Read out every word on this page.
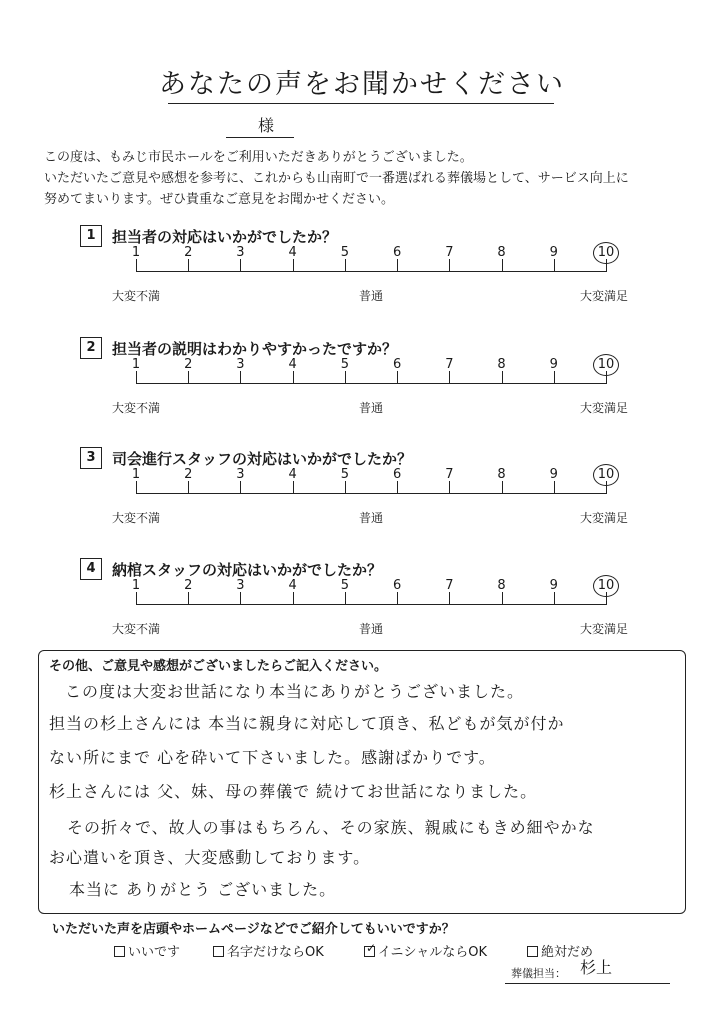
あなたの声をお聞かせください
様
この度は、もみじ市民ホールをご利用いただきありがとうございました。
いただいたご意見や感想を参考に、これからも山南町で一番選ばれる葬儀場として、サービス向上に
努めてまいります。ぜひ貴重なご意見をお聞かせください。
1	担当者の対応はいかがでしたか？
1	2	3	4	5	6	7	8	9	10
大変不満	普通	大変満足
2	担当者の説明はわかりやすかったですか？
1	2	3	4	5	6	7	8	9	10
大変不満	普通	大変満足
3	司会進行スタッフの対応はいかがでしたか？
1	2	3	4	5	6	7	8	9	10
大変不満	普通	大変満足
4	納棺スタッフの対応はいかがでしたか？
1	2	3	4	5	6	7	8	9	10
大変不満	普通	大変満足
その他、ご意見や感想がございましたらご記入ください。
この度は大変お世話になり本当にありがとうございました。
担当の杉上さんには 本当に親身に対応して頂き、私どもが気が付か
ない所にまで 心を砕いて下さいました。感謝ばかりです。
杉上さんには 父、妹、母の葬儀で 続けてお世話になりました。
その折々で、故人の事はもちろん、その家族、親戚にもきめ細やかな
お心遣いを頂き、大変感動しております。
本当に ありがとう ございました。
いただいた声を店頭やホームページなどでご紹介してもいいですか？
いいです	名字だけならOK	✓ イニシャルならOK	絶対だめ
葬儀担当： 杉上
